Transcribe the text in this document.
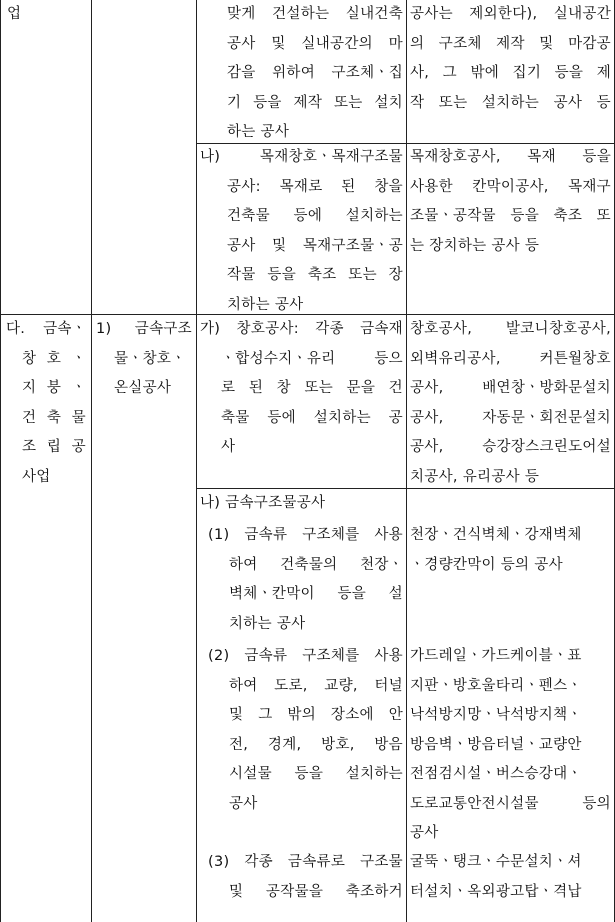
업	맞게 건설하는 실내건축
공사 및 실내공간의 마
감을 위하여 구조체ㆍ집
기 등을 제작 또는 설치
하는 공사
공사는 제외한다), 실내공간
의 구조체 제작 및 마감공
사, 그 밖에 집기 등을 제
작 또는 설치하는 공사 등
나) 목재창호ㆍ목재구조물
공사: 목재로 된 창을
건축물 등에 설치하는
공사 및 목재구조물ㆍ공
작물 등을 축조 또는 장
치하는 공사
목재창호공사, 목재 등을
사용한 칸막이공사, 목재구
조물ㆍ공작물 등을 축조 또
는 장치하는 공사 등
다. 금속ㆍ
창 호 ㆍ
지 붕 ㆍ
건 축 물
조 립 공
사업
1) 금속구조
물ㆍ창호ㆍ
온실공사
가) 창호공사: 각종 금속재
ㆍ합성수지ㆍ유리 등으
로 된 창 또는 문을 건
축물 등에 설치하는 공
사
창호공사, 발코니창호공사,
외벽유리공사, 커튼월창호
공사, 배연창ㆍ방화문설치
공사, 자동문ㆍ회전문설치
공사, 승강장스크린도어설
치공사, 유리공사 등
나) 금속구조물공사
(1) 금속류 구조체를 사용
하여 건축물의 천장ㆍ
벽체ㆍ칸막이 등을 설
치하는 공사
천장ㆍ건식벽체ㆍ강재벽체
ㆍ경량칸막이 등의 공사
(2) 금속류 구조체를 사용
하여 도로, 교량, 터널
및 그 밖의 장소에 안
전, 경계, 방호, 방음
시설물 등을 설치하는
공사
가드레일ㆍ가드케이블ㆍ표
지판ㆍ방호울타리ㆍ펜스ㆍ
낙석방지망ㆍ낙석방지책ㆍ
방음벽ㆍ방음터널ㆍ교량안
전점검시설ㆍ버스승강대ㆍ
도로교통안전시설물 등의
공사
(3) 각종 금속류로 구조물
및 공작물을 축조하거
굴뚝ㆍ탱크ㆍ수문설치ㆍ셔
터설치ㆍ옥외광고탑ㆍ격납
